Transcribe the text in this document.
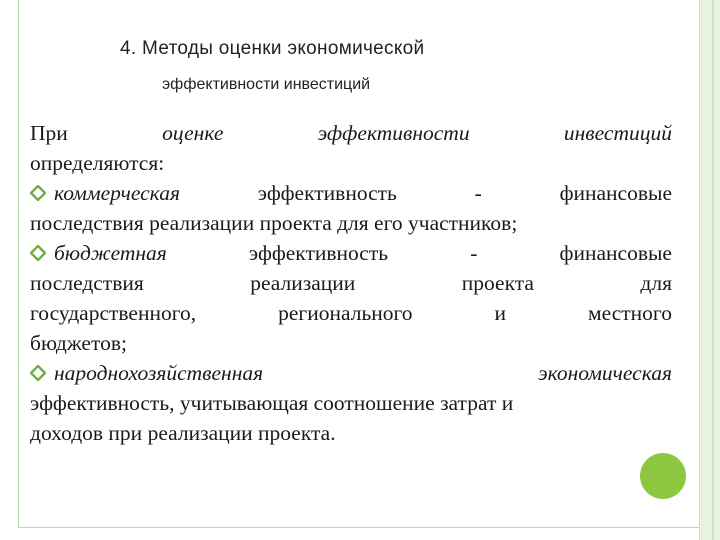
4. Методы оценки экономической
эффективности инвестиций
При	оценке	эффективности	инвестиций
определяются:
коммерческая	эффективность	-	финансовые
последствия реализации проекта для его участников;
бюджетная	эффективность	-	финансовые
последствия	реализации	проекта	для
государственного,	регионального	и	местного
бюджетов;
народнохозяйственная	экономическая
эффективность, учитывающая соотношение затрат и
доходов при реализации проекта.
